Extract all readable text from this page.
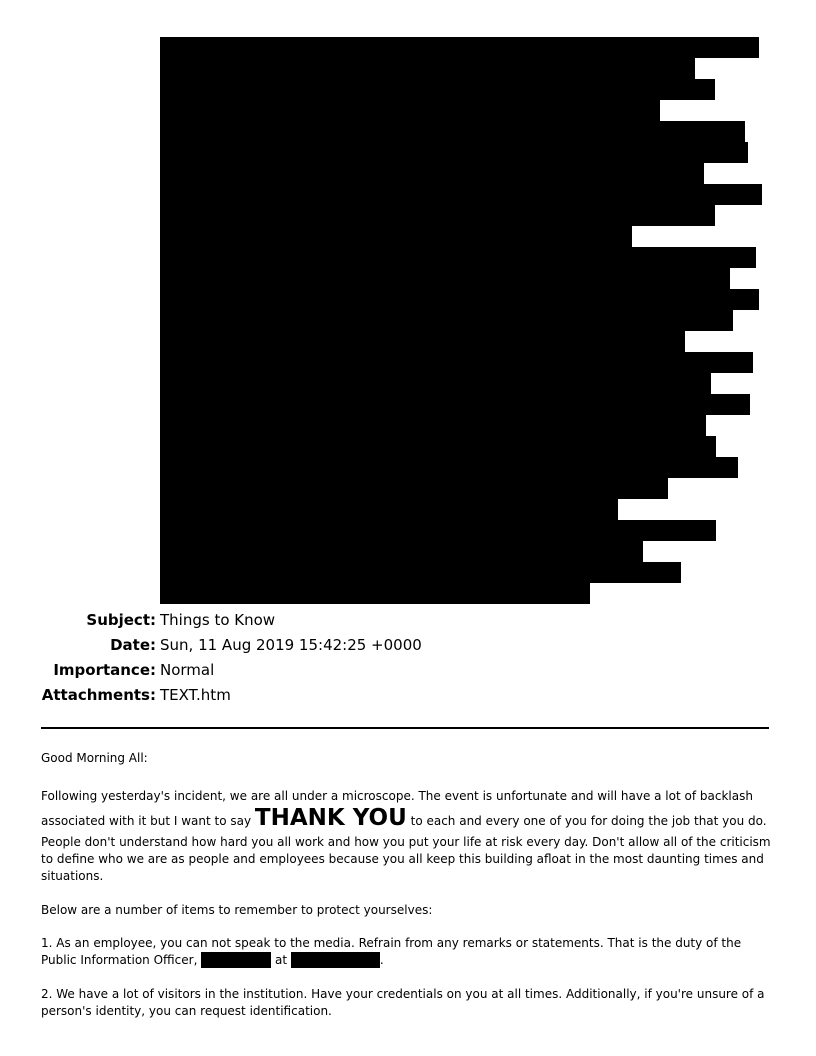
Subject: Things to Know
Date: Sun, 11 Aug 2019 15:42:25 +0000
Importance: Normal
Attachments: TEXT.htm

Good Morning All:

Following yesterday's incident, we are all under a microscope. The event is unfortunate and will have a lot of backlash associated with it but I want to say THANK YOU to each and every one of you for doing the job that you do. People don't understand how hard you all work and how you put your life at risk every day. Don't allow all of the criticism to define who we are as people and employees because you all keep this building afloat in the most daunting times and situations.

Below are a number of items to remember to protect yourselves:

1. As an employee, you can not speak to the media. Refrain from any remarks or statements. That is the duty of the Public Information Officer,	at	.

2. We have a lot of visitors in the institution. Have your credentials on you at all times. Additionally, if you're unsure of a person's identity, you can request identification.
